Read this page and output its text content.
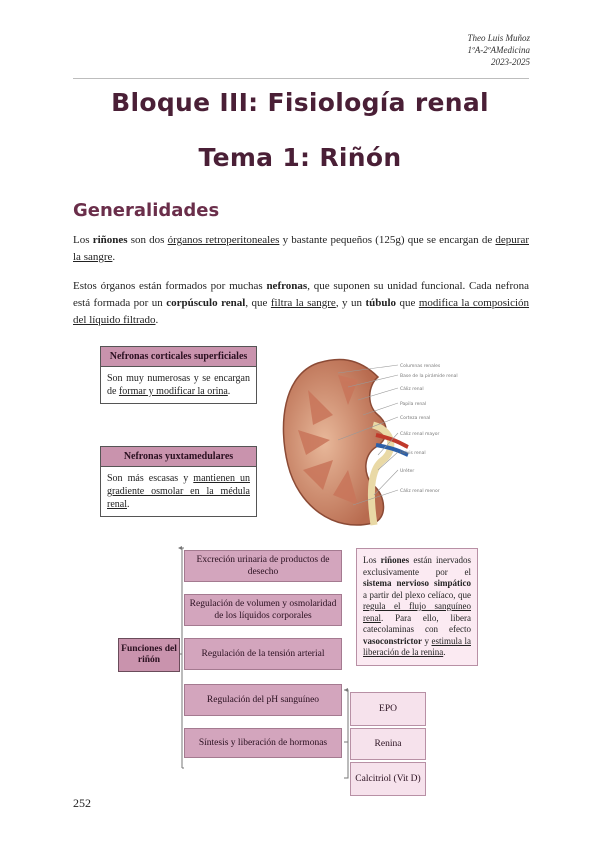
Theo Luis Muñoz
1ºA-2ºAMedicina
2023-2025
Bloque III: Fisiología renal
Tema 1: Riñón
Generalidades
Los riñones son dos órganos retroperitoneales y bastante pequeños (125g) que se encargan de depurar la sangre.
Estos órganos están formados por muchas nefronas, que suponen su unidad funcional. Cada nefrona está formada por un corpúsculo renal, que filtra la sangre, y un túbulo que modifica la composición del líquido filtrado.
Nefronas corticales superficiales
Son muy numerosas y se encargan de formar y modificar la orina.
Nefronas yuxtamedulares
Son más escasas y mantienen un gradiente osmolar en la médula renal.
Columnas renales
Base de la pirámide renal
Cáliz renal
Papila renal
Corteza renal
Cáliz renal mayor
Pelvis renal
Uréter
Cáliz renal menor
Funciones del riñón
Excreción urinaria de productos de desecho
Regulación de volumen y osmolaridad de los líquidos corporales
Regulación de la tensión arterial
Regulación del pH sanguíneo
Síntesis y liberación de hormonas
Los riñones están inervados exclusivamente por el sistema nervioso simpático a partir del plexo celíaco, que regula el flujo sanguíneo renal. Para ello, libera catecolaminas con efecto vasoconstrictor y estimula la liberación de la renina.
EPO
Renina
Calcitriol (Vit D)
252
